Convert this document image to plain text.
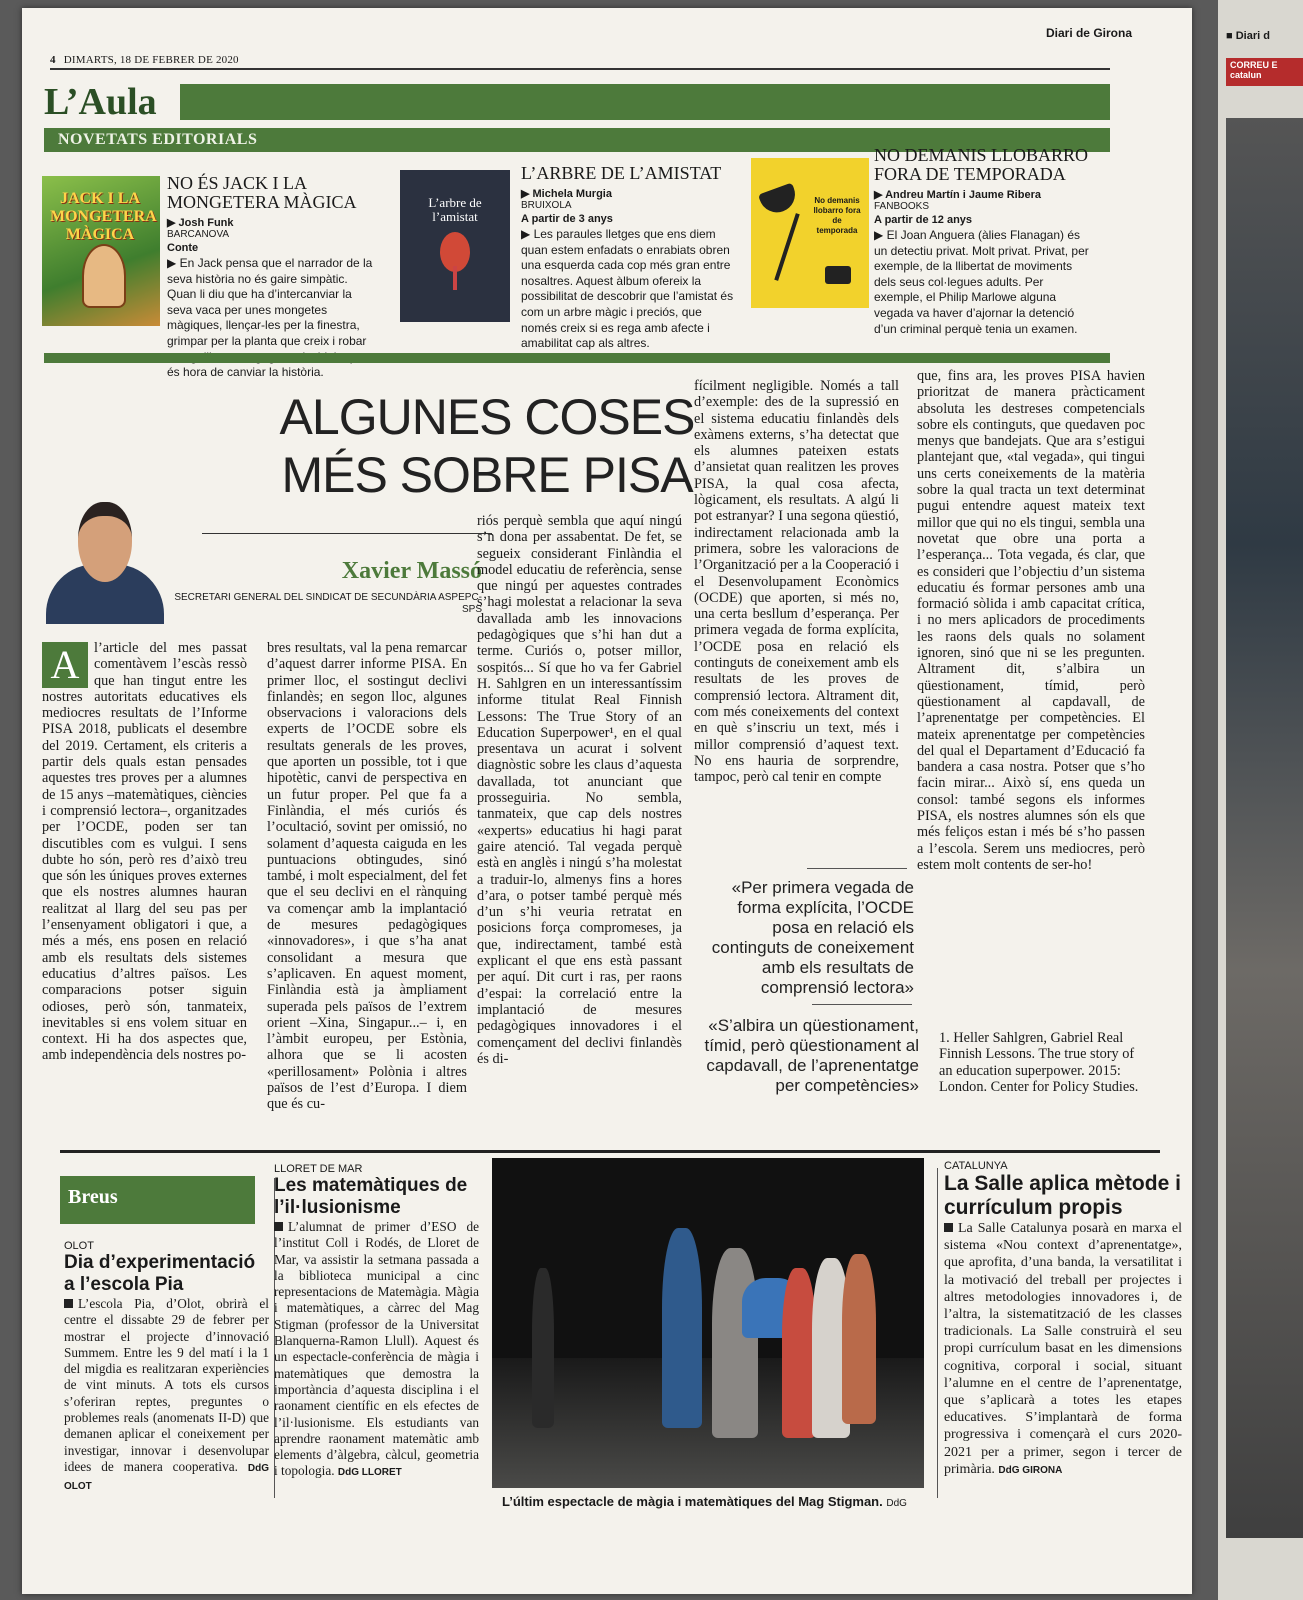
Diari de Girona
4 DIMARTS, 18 DE FEBRER DE 2020
L’Aula
NOVETATS EDITORIALS
JACK I LA MONGETERA MÀGICA
NO ÉS JACK I LA MONGETERA MÀGICA
▶ Josh Funk
BARCANOVA
Conte
▶ En Jack pensa que el narrador de la seva història no és gaire simpàtic. Quan li diu que ha d’intercanviar la seva vaca per unes mongetes màgiques, llençar-les per la finestra, grimpar per la planta que creix i robar és hora de canviar la història.
L’arbre de l’amistat
L’ARBRE DE L’AMISTAT
▶ Michela Murgia
BRUIXOLA
A partir de 3 anys
▶ Les paraules lletges que ens diem quan estem enfadats o enrabiats obren una esquerda cada cop més gran entre nosaltres. Aquest àlbum ofereix la possibilitat de descobrir que l’amistat és com un arbre màgic i preciós, que només creix si es rega amb afecte i amabilitat cap als altres.
No demanis llobarro fora de temporada
NO DEMANIS LLOBARRO FORA DE TEMPORADA
▶ Andreu Martín i Jaume Ribera
FANBOOKS
A partir de 12 anys
▶ El Joan Anguera (àlies Flanagan) és un detectiu privat. Molt privat. Privat, per exemple, de la llibertat de moviments dels seus col·legues adults. Per exemple, el Philip Marlowe alguna vegada va haver d’ajornar la detenció d’un criminal perquè tenia un examen.
ALGUNES COSES
MÉS SOBRE PISA
Xavier Massó
SECRETARI GENERAL DEL SINDICAT DE SECUNDÀRIA ASPEPC-SPS
A	l’article del mes passat comentàvem l’escàs ressò que han tingut entre les nostres autoritats educatives els mediocres resultats de l’Informe PISA 2018, publicats el desembre del 2019. Certament, els criteris a partir dels quals estan pensades aquestes tres proves per a alumnes de 15 anys –matemàtiques, ciències i comprensió lectora–, organitzades per l’OCDE, poden ser tan discutibles com es vulgui. I sens dubte ho són, però res d’això treu que són les úniques proves externes que els nostres alumnes hauran realitzat al llarg del seu pas per l’ensenyament obligatori i que, a més a més, ens posen en relació amb els resultats dels sistemes educatius d’altres països. Les comparacions potser siguin odioses, però són, tanmateix, inevitables si ens volem situar en context. Hi ha dos aspectes que, amb independència dels nostres po-
bres resultats, val la pena remarcar d’aquest darrer informe PISA. En primer lloc, el sostingut declivi finlandès; en segon lloc, algunes observacions i valoracions dels experts de l’OCDE sobre els resultats generals de les proves, que aporten un possible, tot i que hipotètic, canvi de perspectiva en un futur proper. Pel que fa a Finlàndia, el més curiós és l’ocultació, sovint per omissió, no solament d’aquesta caiguda en les puntuacions obtingudes, sinó també, i molt especialment, del fet que el seu declivi en el rànquing va començar amb la implantació de mesures pedagògiques «innovadores», i que s’ha anat consolidant a mesura que s’aplicaven. En aquest moment, Finlàndia està ja àmpliament superada pels països de l’extrem orient –Xina, Singapur...– i, en l’àmbit europeu, per Estònia, alhora que se li acosten «perillosament» Polònia i altres països de l’est d’Europa. I diem que és cu-
riós perquè sembla que aquí ningú s’n dona per assabentat. De fet, se segueix considerant Finlàndia el model educatiu de referència, sense que ningú per aquestes contrades s’hagi molestat a relacionar la seva davallada amb les innovacions pedagògiques que s’hi han dut a terme. Curiós o, potser millor, sospitós... Sí que ho va fer Gabriel H. Sahlgren en un interessantíssim informe titulat Real Finnish Lessons: The True Story of an Education Superpower¹, en el qual presentava un acurat i solvent diagnòstic sobre les claus d’aquesta davallada, tot anunciant que prosseguiria. No sembla, tanmateix, que cap dels nostres «experts» educatius hi hagi parat gaire atenció. Tal vegada perquè està en anglès i ningú s’ha molestat a traduir-lo, almenys fins a hores d’ara, o potser també perquè més d’un s’hi veuria retratat en posicions força compromeses, ja que, indirectament, també està explicant el que ens està passant per aquí. Dit curt i ras, per raons d’espai: la correlació entre la implantació de mesures pedagògiques innovadores i el començament del declivi finlandès és di-
fícilment negligible. Només a tall d’exemple: des de la supressió en el sistema educatiu finlandès dels exàmens externs, s’ha detectat que els alumnes pateixen estats d’ansietat quan realitzen les proves PISA, la qual cosa afecta, lògicament, els resultats. A algú li pot estranyar? I una segona qüestió, indirectament relacionada amb la primera, sobre les valoracions de l’Organització per a la Cooperació i el Desenvolupament Econòmics (OCDE) que aporten, si més no, una certa besllum d’esperança. Per primera vegada de forma explícita, l’OCDE posa en relació els continguts de coneixement amb els resultats de les proves de comprensió lectora. Altrament dit, com més coneixements del context en què s’inscriu un text, més i millor comprensió d’aquest text. No ens hauria de sorprendre, tampoc, però cal tenir en compte
«Per primera vegada de forma explícita, l’OCDE posa en relació els continguts de coneixement amb els resultats de comprensió lectora»
«S’albira un qüestionament, tímid, però qüestionament al capdavall, de l’aprenentatge per competències»
que, fins ara, les proves PISA havien prioritzat de manera pràcticament absoluta les destreses competencials sobre els continguts, que quedaven poc menys que bandejats. Que ara s’estigui plantejant que, «tal vegada», qui tingui uns certs coneixements de la matèria sobre la qual tracta un text determinat pugui entendre aquest mateix text millor que qui no els tingui, sembla una novetat que obre una porta a l’esperança... Tota vegada, és clar, que es consideri que l’objectiu d’un sistema educatiu és formar persones amb una formació sòlida i amb capacitat crítica, i no mers aplicadors de procediments les raons dels quals no solament ignoren, sinó que ni se les pregunten. Altrament dit, s’albira un qüestionament, tímid, però qüestionament al capdavall, de l’aprenentatge per competències. El mateix aprenentatge per competències del qual el Departament d’Educació fa bandera a casa nostra. Potser que s’ho facin mirar... Això sí, ens queda un consol: també segons els informes PISA, els nostres alumnes són els que més feliços estan i més bé s’ho passen a l’escola. Serem uns mediocres, però estem molt contents de ser-ho!
1. Heller Sahlgren, Gabriel Real Finnish Lessons. The true story of an education superpower. 2015: London. Center for Policy Studies.
Breus
OLOT
Dia d’experimentació a l’escola Pia
L’escola Pia, d’Olot, obrirà el centre el dissabte 29 de febrer per mostrar el projecte d’innovació Summem. Entre les 9 del matí i la 1 del migdia es realitzaran experiències de vint minuts. A tots els cursos s’oferiran reptes, preguntes o problemes reals (anomenats II-D) que demanen aplicar el coneixement per investigar, innovar i desenvolupar idees de manera cooperativa. DdG OLOT
LLORET DE MAR
Les matemàtiques de l’il·lusionisme
L’alumnat de primer d’ESO de l’institut Coll i Rodés, de Lloret de Mar, va assistir la setmana passada a la biblioteca municipal a cinc representacions de Matemàgia. Màgia i matemàtiques, a càrrec del Mag Stigman (professor de la Universitat Blanquerna-Ramon Llull). Aquest és un espectacle-conferència de màgia i matemàtiques que demostra la importància d’aquesta disciplina i el raonament científic en els efectes de l’il·lusionisme. Els estudiants van aprendre raonament matemàtic amb elements d’àlgebra, càlcul, geometria i topologia. DdG LLORET
L’últim espectacle de màgia i matemàtiques del Mag Stigman. DdG
CATALUNYA
La Salle aplica mètode i currículum propis
La Salle Catalunya posarà en marxa el sistema «Nou context d’aprenentatge», que aprofita, d’una banda, la versatilitat i la motivació del treball per projectes i altres metodologies innovadores i, de l’altra, la sistematització de les classes tradicionals. La Salle construirà el seu propi currículum basat en les dimensions cognitiva, corporal i social, situant l’alumne en el centre de l’aprenentatge, que s’aplicarà a totes les etapes educatives. S’implantarà de forma progressiva i començarà el curs 2020-2021 per a primer, segon i tercer de primària. DdG GIRONA
■ Diari d
CORREU E catalun
